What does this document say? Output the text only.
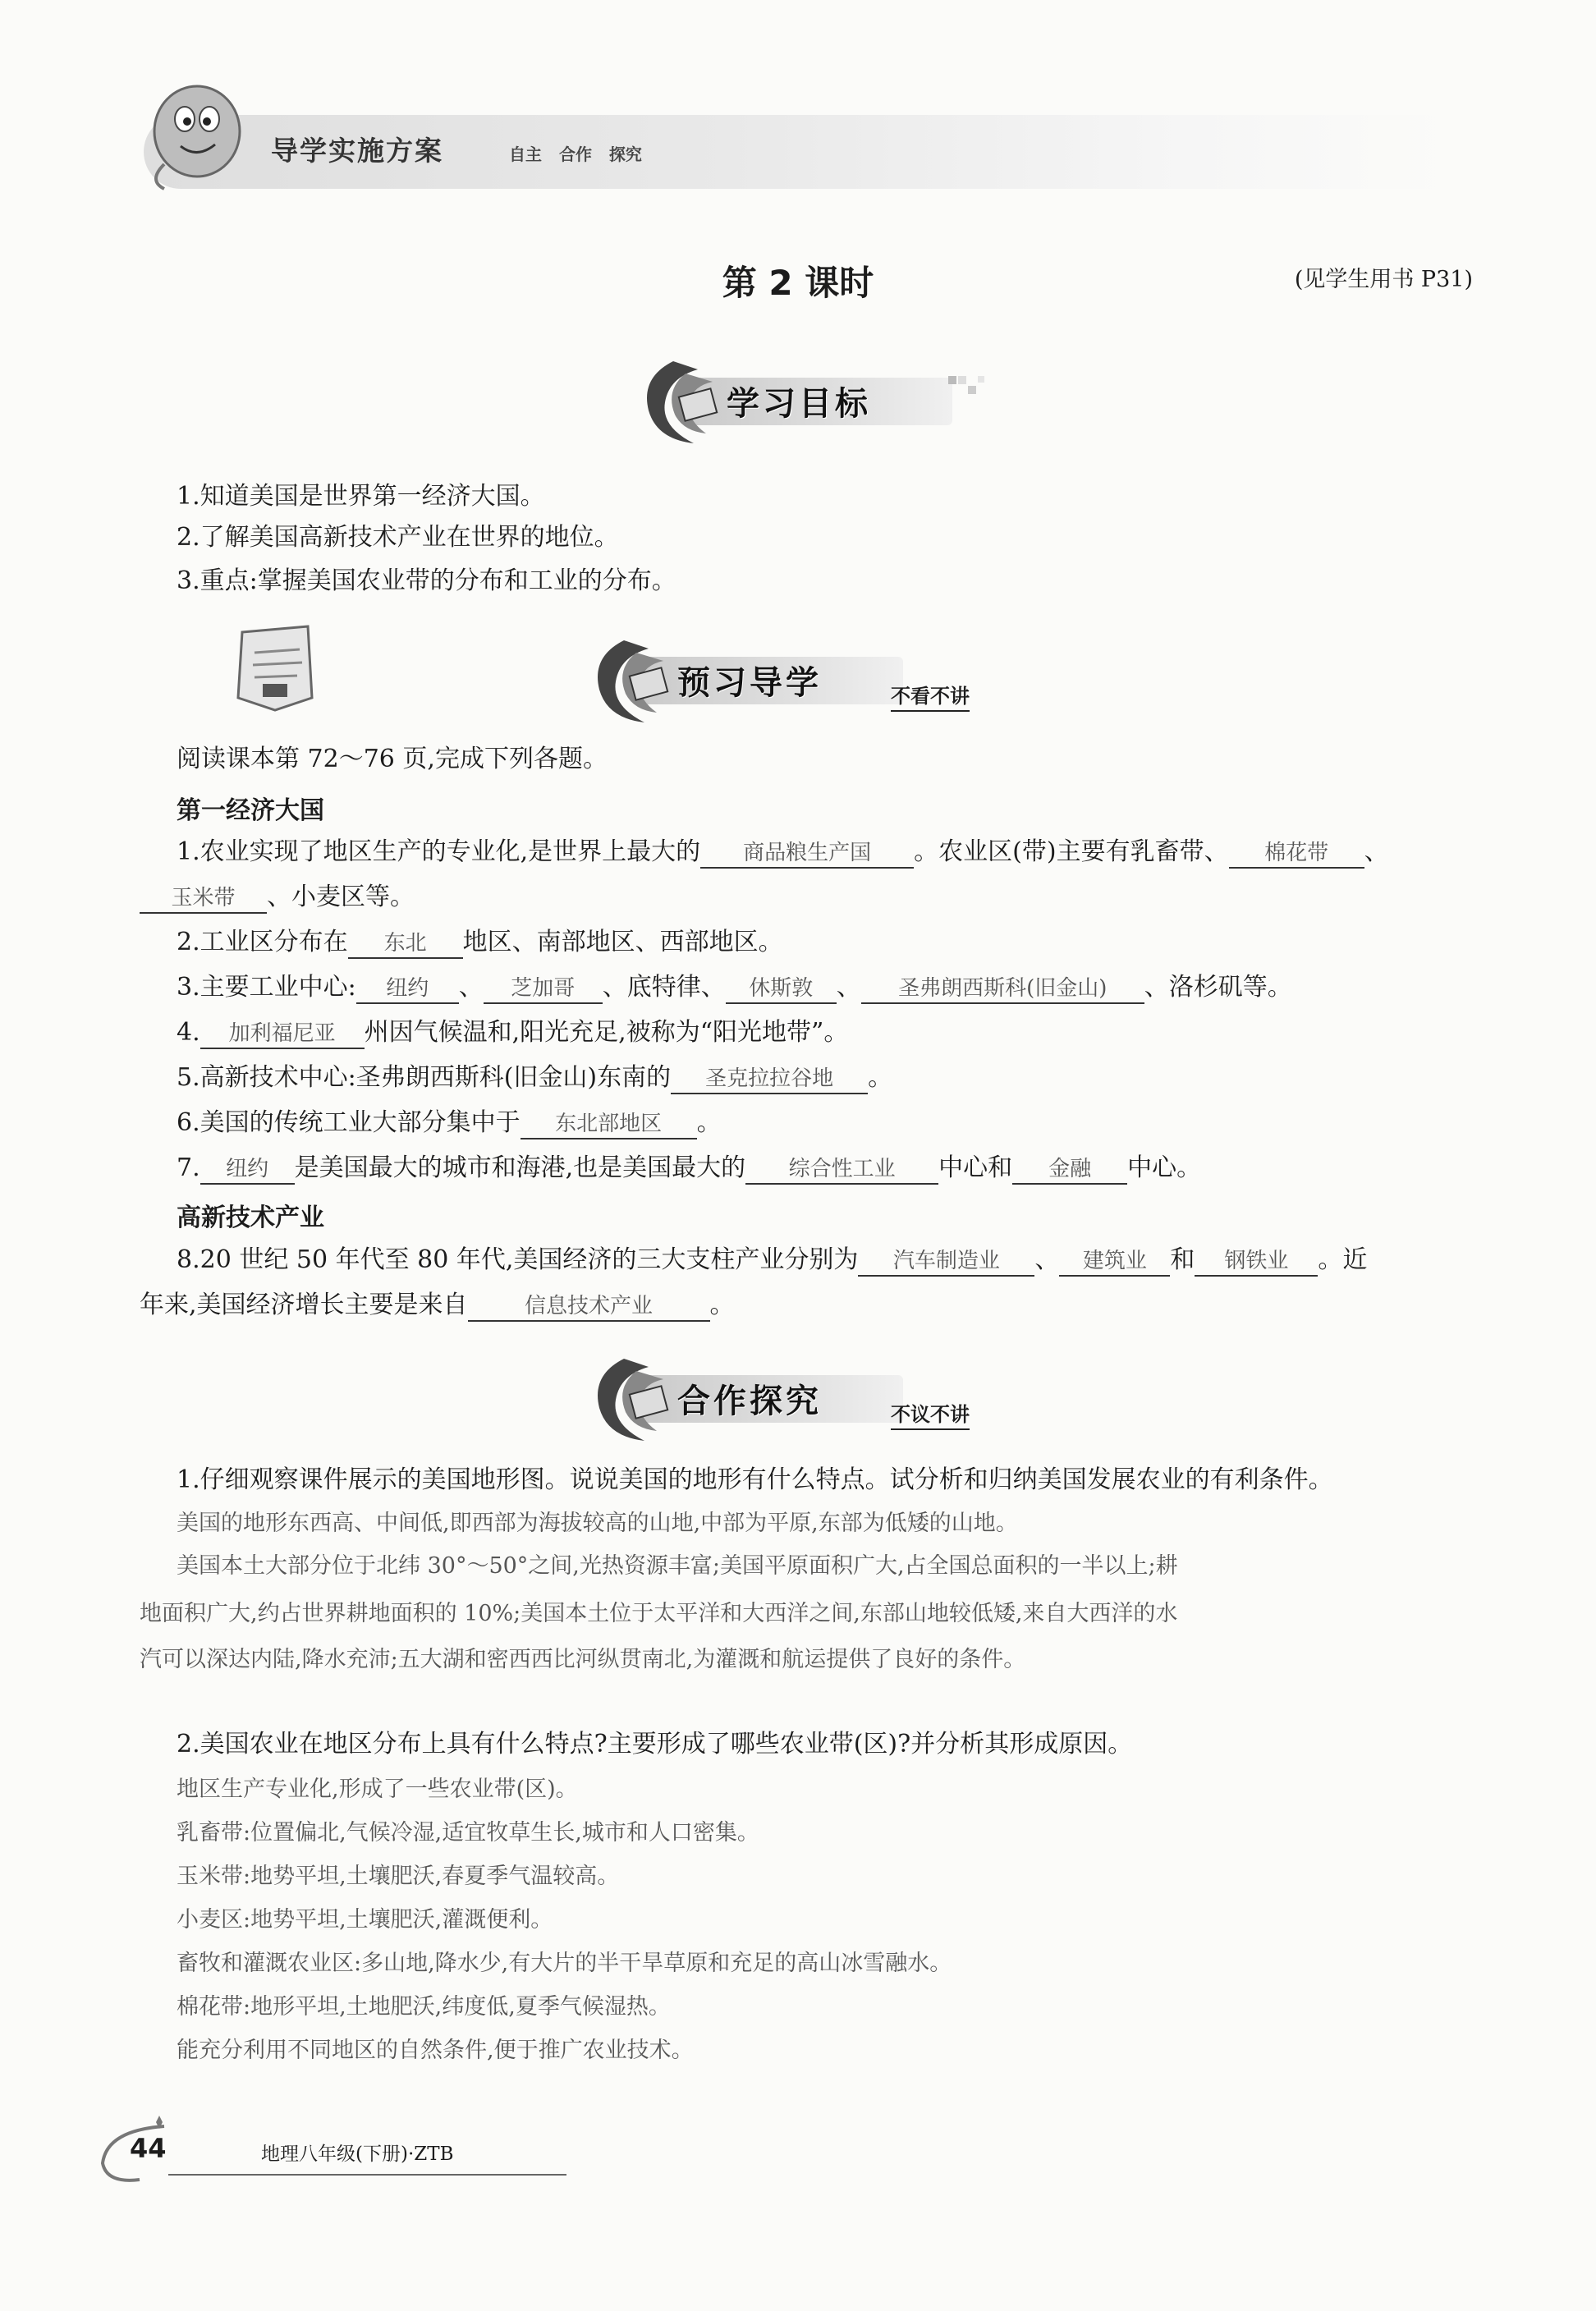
导学实施方案	自主 合作 探究
第 2 课时	(见学生用书 P31)
学习目标
1.知道美国是世界第一经济大国。
2.了解美国高新技术产业在世界的地位。
3.重点:掌握美国农业带的分布和工业的分布。
预习导学	不看不讲
阅读课本第 72～76 页,完成下列各题。
第一经济大国
1.农业实现了地区生产的专业化,是世界上最大的 商品粮生产国 。农业区(带)主要有乳畜带、 棉花带 、
玉米带 、小麦区等。
2.工业区分布在 东北 地区、南部地区、西部地区。
3.主要工业中心: 纽约 、 芝加哥 、底特律、 休斯敦 、 圣弗朗西斯科(旧金山) 、洛杉矶等。
4. 加利福尼亚 州因气候温和,阳光充足,被称为“阳光地带”。
5.高新技术中心:圣弗朗西斯科(旧金山)东南的 圣克拉拉谷地 。
6.美国的传统工业大部分集中于 东北部地区 。
7. 纽约 是美国最大的城市和海港,也是美国最大的 综合性工业 中心和 金融 中心。
高新技术产业
8.20 世纪 50 年代至 80 年代,美国经济的三大支柱产业分别为 汽车制造业 、 建筑业 和 钢铁业 。近
年来,美国经济增长主要是来自	信息技术产业 。
合作探究	不议不讲
1.仔细观察课件展示的美国地形图。说说美国的地形有什么特点。试分析和归纳美国发展农业的有利条件。
美国的地形东西高、中间低,即西部为海拔较高的山地,中部为平原,东部为低矮的山地。
美国本土大部分位于北纬 30°～50°之间,光热资源丰富;美国平原面积广大,占全国总面积的一半以上;耕
地面积广大,约占世界耕地面积的 10%;美国本土位于太平洋和大西洋之间,东部山地较低矮,来自大西洋的水
汽可以深达内陆,降水充沛;五大湖和密西西比河纵贯南北,为灌溉和航运提供了良好的条件。
2.美国农业在地区分布上具有什么特点?主要形成了哪些农业带(区)?并分析其形成原因。
地区生产专业化,形成了一些农业带(区)。
乳畜带:位置偏北,气候冷湿,适宜牧草生长,城市和人口密集。
玉米带:地势平坦,土壤肥沃,春夏季气温较高。
小麦区:地势平坦,土壤肥沃,灌溉便利。
畜牧和灌溉农业区:多山地,降水少,有大片的半干旱草原和充足的高山冰雪融水。
棉花带:地形平坦,土地肥沃,纬度低,夏季气候湿热。
能充分利用不同地区的自然条件,便于推广农业技术。
44	地理八年级(下册)·ZTB
